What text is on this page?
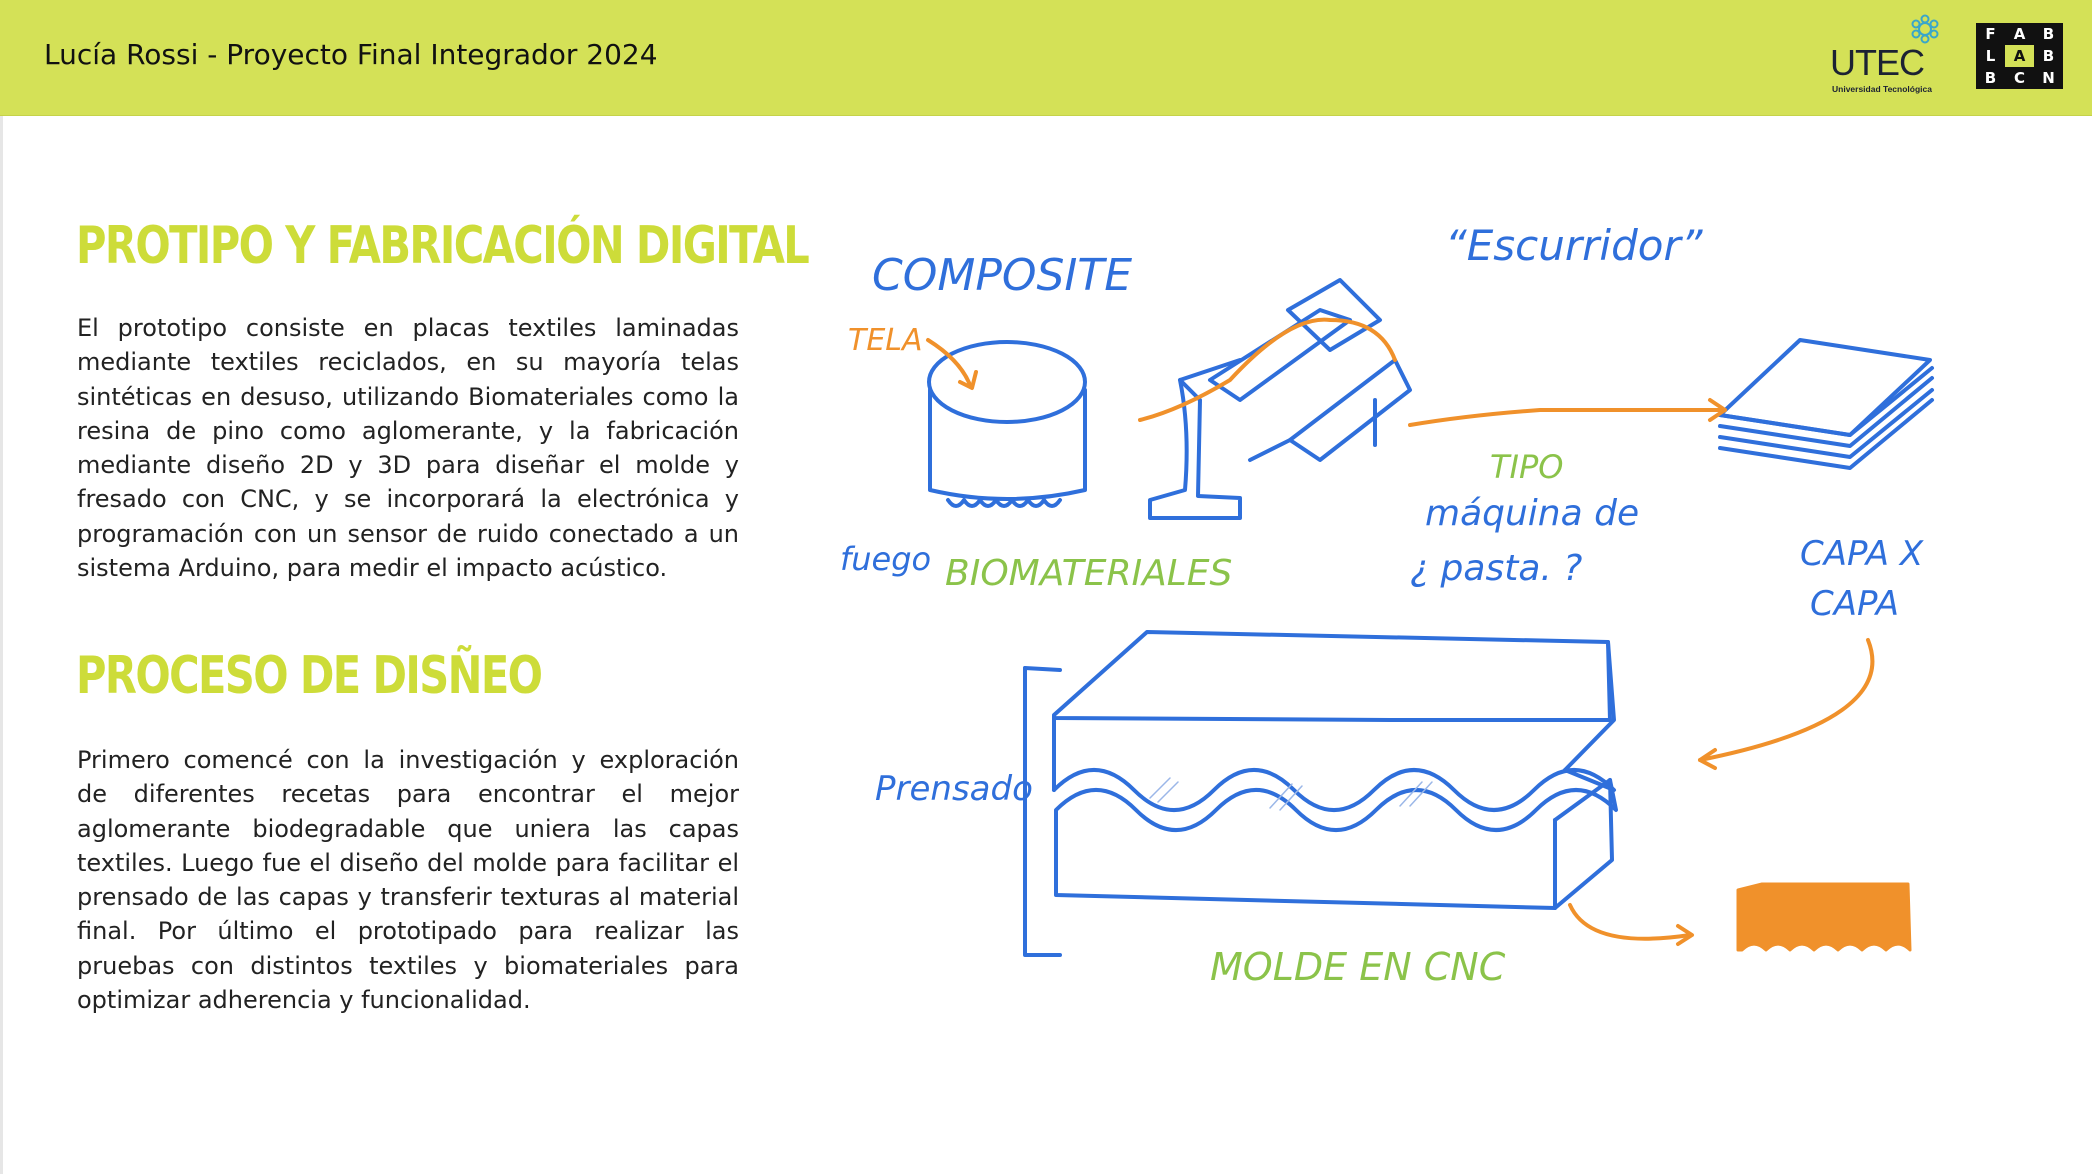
Lucía Rossi - Proyecto Final Integrador 2024	UTEC
Universidad Tecnológica
F	A	B
L	A	B
B	C	N
PROTIPO Y FABRICACIÓN DIGITAL
El prototipo consiste en placas textiles laminadas mediante textiles reciclados, en su mayoría telas sintéticas en desuso, utilizando Biomateriales como la resina de pino como aglomerante, y la fabricación mediante diseño 2D y 3D para diseñar el molde y fresado con CNC, y se incorporará la electrónica y programación con un sensor de ruido conectado a un sistema Arduino, para medir el impacto acústico.
PROCESO DE DISÑEO
Primero comencé con la investigación y exploración de diferentes recetas para encontrar el mejor aglomerante biodegradable que uniera las capas textiles. Luego fue el diseño del molde para facilitar el prensado de las capas y transferir texturas al material final. Por último el prototipado para realizar las pruebas con distintos textiles y biomateriales para optimizar adherencia y funcionalidad.
COMPOSITE
TELA
fuego BIOMATERIALES
“Escurridor”
TIPO
máquina de
¿ pasta. ?	CAPA X
CAPA
Prensado
MOLDE EN CNC
